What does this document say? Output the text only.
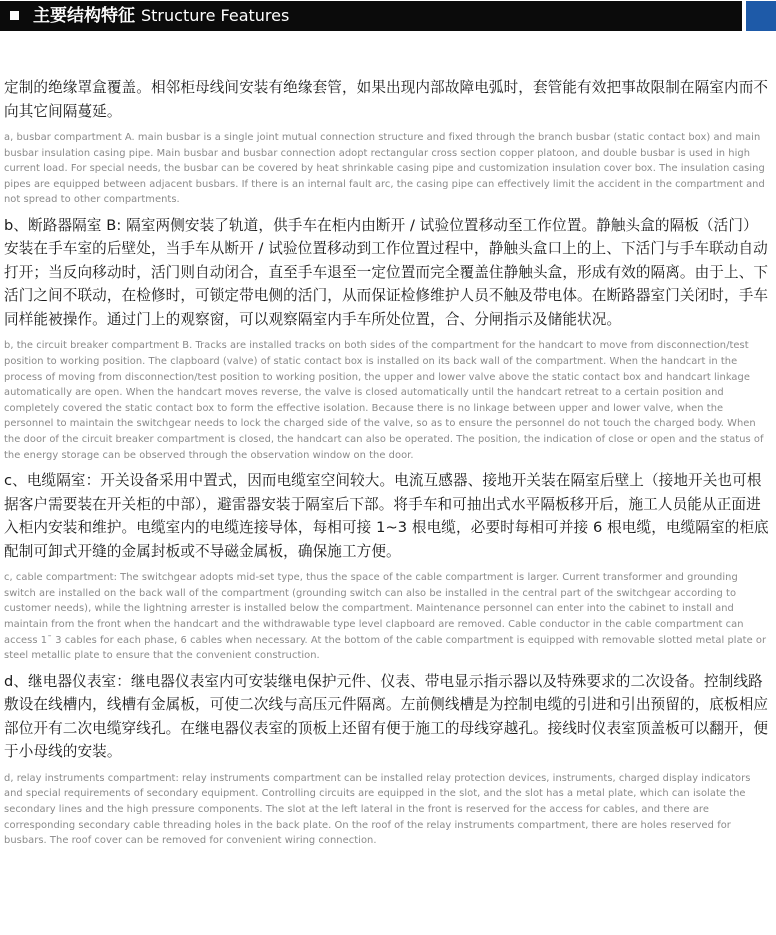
主要结构特征 Structure Features

定制的绝缘罩盒覆盖。相邻柜母线间安装有绝缘套管，如果出现内部故障电弧时，套管能有效把事故限制在隔室内而不向其它间隔蔓延。

a, busbar compartment A. main busbar is a single joint mutual connection structure and fixed through the branch busbar (static contact box) and main busbar insulation casing pipe. Main busbar and busbar connection adopt rectangular cross section copper platoon, and double busbar is used in high current load. For special needs, the busbar can be covered by heat shrinkable casing pipe and customization insulation cover box. The insulation casing pipes are equipped between adjacent busbars. If there is an internal fault arc, the casing pipe can effectively limit the accident in the compartment and not spread to other compartments.

b、断路器隔室 B: 隔室两侧安装了轨道，供手车在柜内由断开 / 试验位置移动至工作位置。静触头盒的隔板（活门）安装在手车室的后壁处，当手车从断开 / 试验位置移动到工作位置过程中，静触头盒口上的上、下活门与手车联动自动打开；当反向移动时，活门则自动闭合，直至手车退至一定位置而完全覆盖住静触头盒，形成有效的隔离。由于上、下活门之间不联动，在检修时，可锁定带电侧的活门，从而保证检修维护人员不触及带电体。在断路器室门关闭时，手车同样能被操作。通过门上的观察窗，可以观察隔室内手车所处位置，合、分闸指示及储能状况。

b, the circuit breaker compartment B. Tracks are installed tracks on both sides of the compartment for the handcart to move from disconnection/test position to working position. The clapboard (valve) of static contact box is installed on its back wall of the compartment. When the handcart in the process of moving from disconnection/test position to working position, the upper and lower valve above the static contact box and handcart linkage automatically are open. When the handcart moves reverse, the valve is closed automatically until the handcart retreat to a certain position and completely covered the static contact box to form the effective isolation. Because there is no linkage between upper and lower valve, when the personnel to maintain the switchgear needs to lock the charged side of the valve, so as to ensure the personnel do not touch the charged body. When the door of the circuit breaker compartment is closed, the handcart can also be operated. The position, the indication of close or open and the status of the energy storage can be observed through the observation window on the door.

c、电缆隔室：开关设备采用中置式，因而电缆室空间较大。电流互感器、接地开关装在隔室后壁上（接地开关也可根据客户需要装在开关柜的中部），避雷器安装于隔室后下部。将手车和可抽出式水平隔板移开后，施工人员能从正面进入柜内安装和维护。电缆室内的电缆连接导体，每相可接 1~3 根电缆，必要时每相可并接 6 根电缆，电缆隔室的柜底配制可卸式开缝的金属封板或不导磁金属板，确保施工方便。

c, cable compartment: The switchgear adopts mid-set type, thus the space of the cable compartment is larger. Current transformer and grounding switch are installed on the back wall of the compartment (grounding switch can also be installed in the central part of the switchgear according to customer needs), while the lightning arrester is installed below the compartment. Maintenance personnel can enter into the cabinet to install and maintain from the front when the handcart and the withdrawable type level clapboard are removed. Cable conductor in the cable compartment can access 1¯ 3 cables for each phase, 6 cables when necessary. At the bottom of the cable compartment is equipped with removable slotted metal plate or steel metallic plate to ensure that the convenient construction.

d、继电器仪表室：继电器仪表室内可安装继电保护元件、仪表、带电显示指示器以及特殊要求的二次设备。控制线路敷设在线槽内，线槽有金属板，可使二次线与高压元件隔离。左前侧线槽是为控制电缆的引进和引出预留的，底板相应部位开有二次电缆穿线孔。在继电器仪表室的顶板上还留有便于施工的母线穿越孔。接线时仪表室顶盖板可以翻开，便于小母线的安装。

d, relay instruments compartment: relay instruments compartment can be installed relay protection devices, instruments, charged display indicators and special requirements of secondary equipment. Controlling circuits are equipped in the slot, and the slot has a metal plate, which can isolate the secondary lines and the high pressure components. The slot at the left lateral in the front is reserved for the access for cables, and there are corresponding secondary cable threading holes in the back plate. On the roof of the relay instruments compartment, there are holes reserved for busbars. The roof cover can be removed for convenient wiring connection.
